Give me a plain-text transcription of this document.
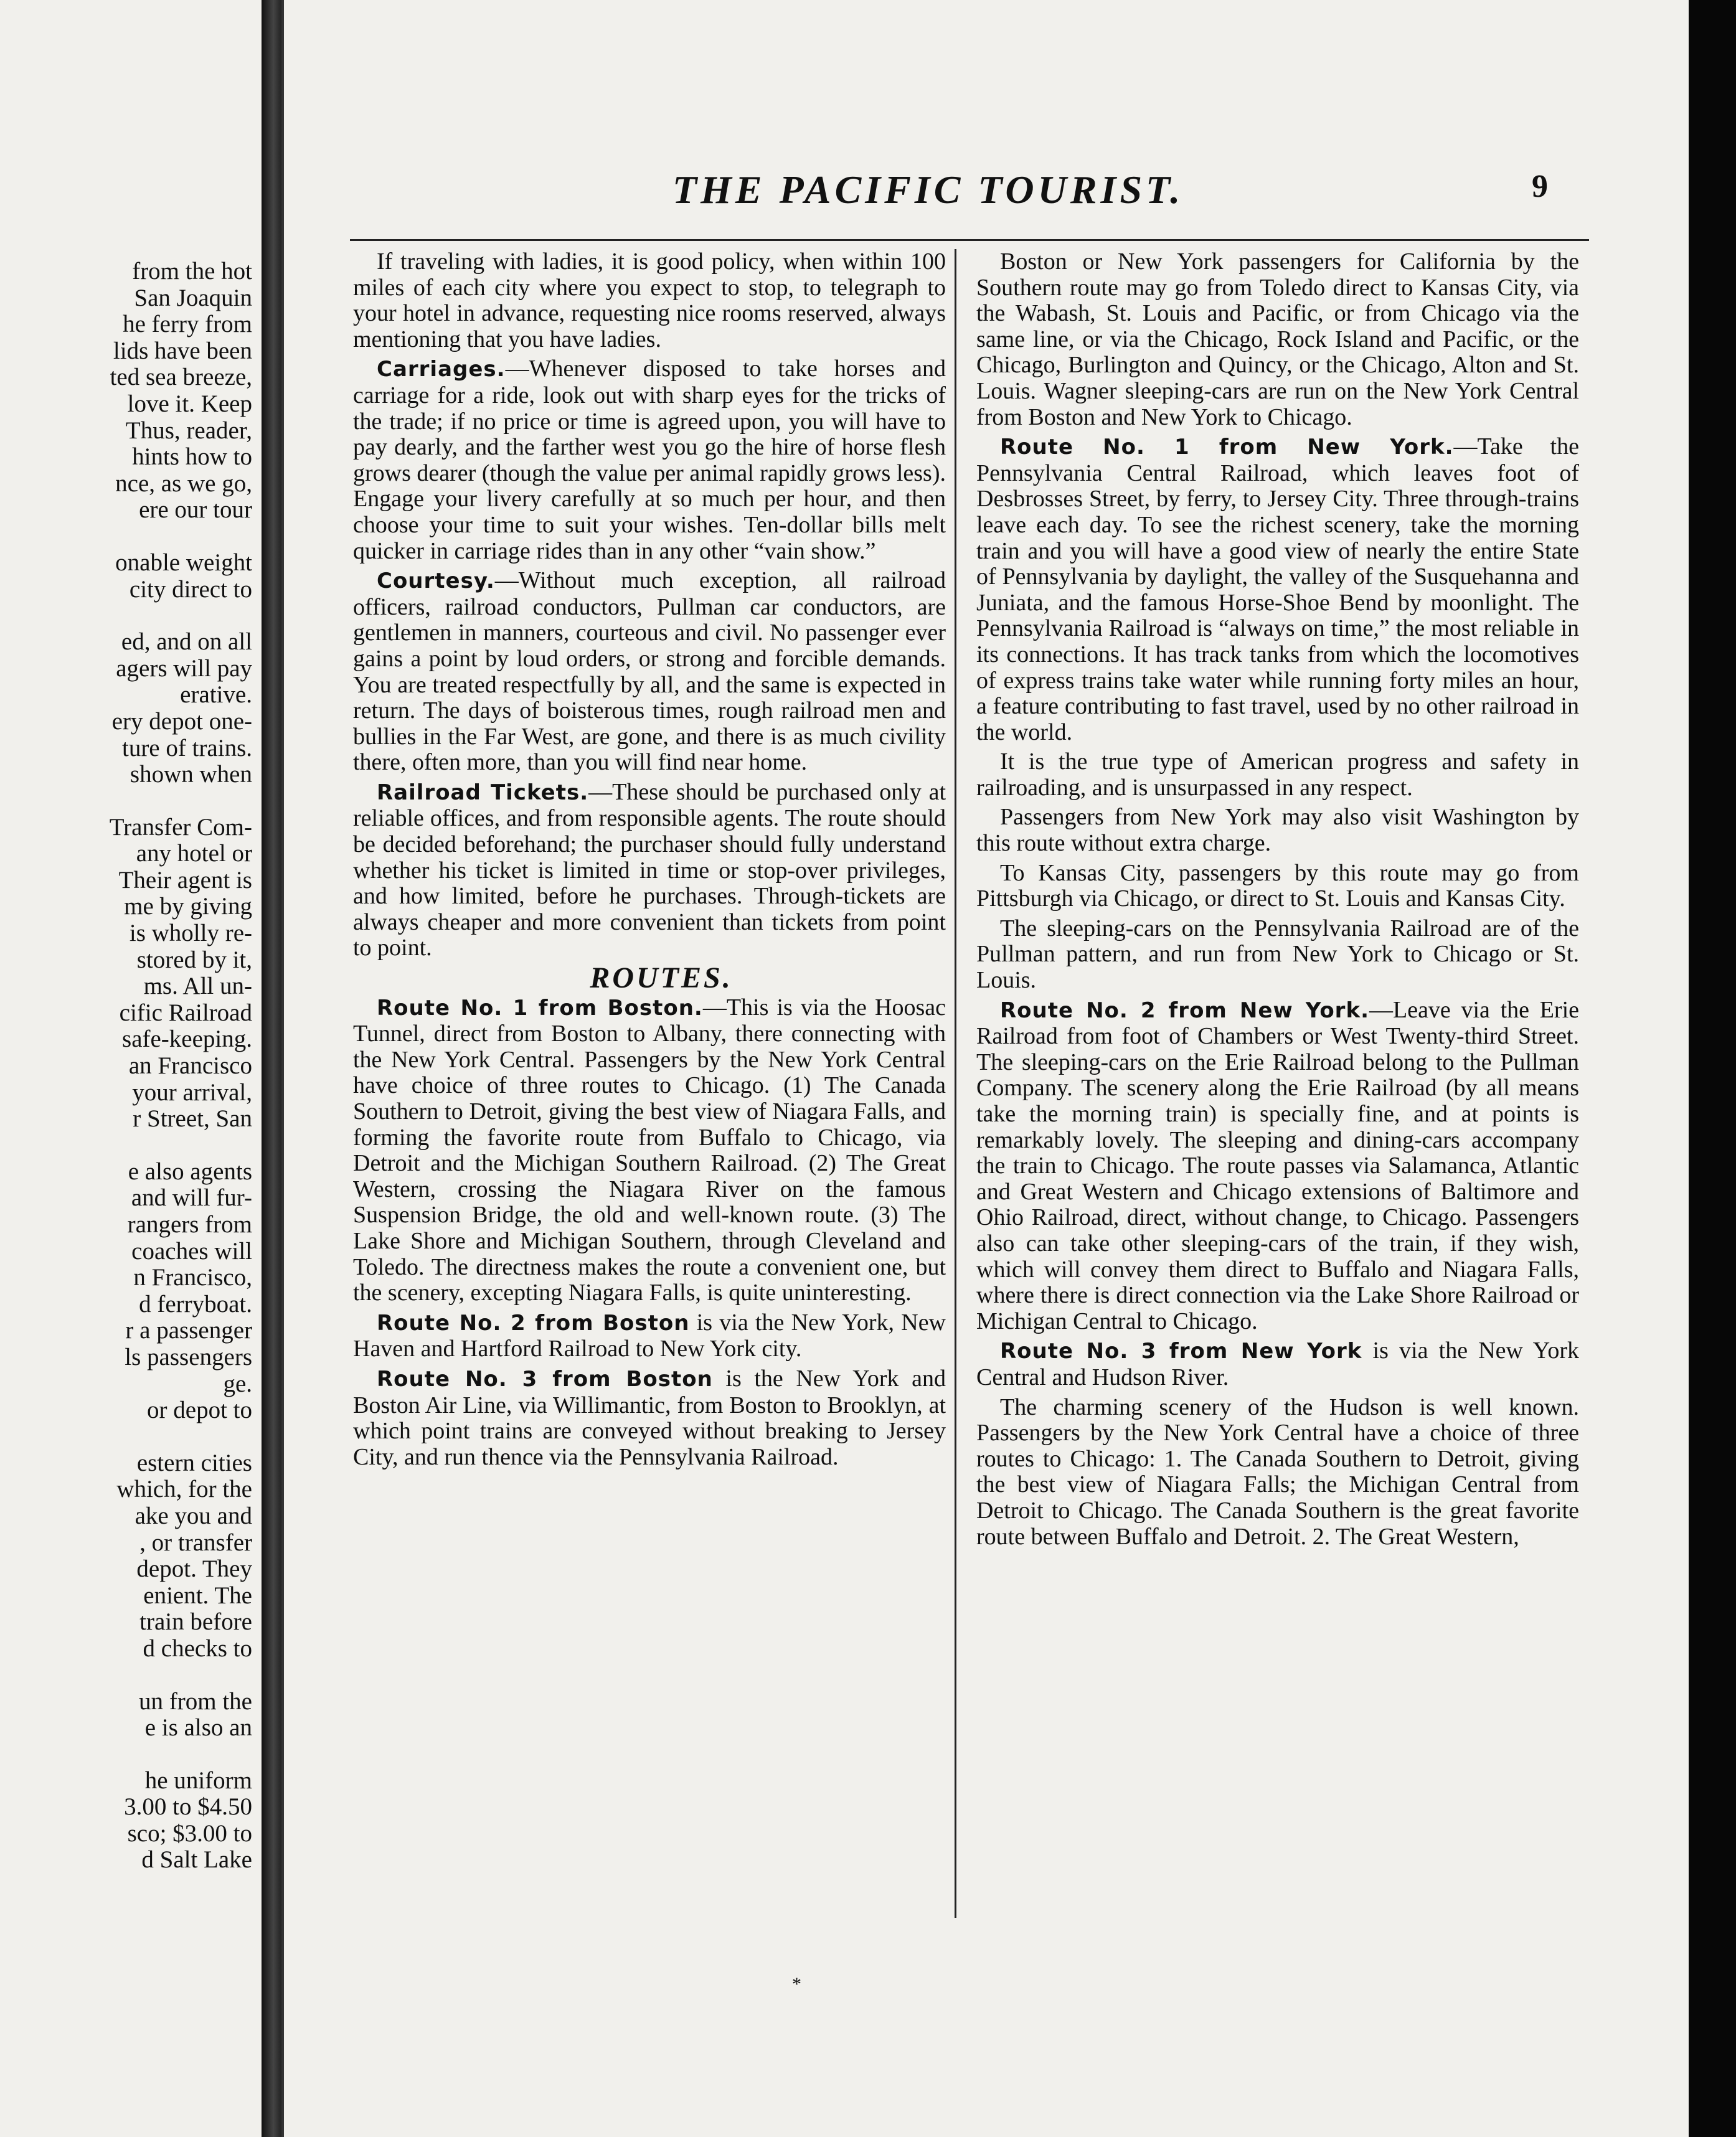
from the hot
San Joaquin
he ferry from
lids have been
ted sea breeze,
love it. Keep
Thus, reader,
hints how to
nce, as we go,
ere our tour
onable weight
city direct to
ed, and on all
agers will pay
erative.
ery depot one-
ture of trains.
shown when
Transfer Com-
any hotel or
Their agent is
me by giving
is wholly re-
stored by it,
ms. All un-
cific Railroad
safe-keeping.
an Francisco
your arrival,
r Street, San
e also agents
and will fur-
rangers from
coaches will
n Francisco,
d ferryboat.
r a passenger
ls passengers
ge.
or depot to
estern cities
which, for the
ake you and
, or transfer
depot. They
enient. The
train before
d checks to
un from the
e is also an
he uniform
3.00 to $4.50
sco; $3.00 to
d Salt Lake
THE PACIFIC TOURIST.	9

If traveling with ladies, it is good policy, when within 100 miles of each city where you expect to stop, to telegraph to your hotel in advance, requesting nice rooms reserved, always mentioning that you have ladies.

Carriages.—Whenever disposed to take horses and carriage for a ride, look out with sharp eyes for the tricks of the trade; if no price or time is agreed upon, you will have to pay dearly, and the farther west you go the hire of horse flesh grows dearer (though the value per animal rapidly grows less). Engage your livery carefully at so much per hour, and then choose your time to suit your wishes. Ten-dollar bills melt quicker in carriage rides than in any other “vain show.”

Courtesy.—Without much exception, all railroad officers, railroad conductors, Pullman car conductors, are gentlemen in manners, courteous and civil. No passenger ever gains a point by loud orders, or strong and forcible demands. You are treated respectfully by all, and the same is expected in return. The days of boisterous times, rough railroad men and bullies in the Far West, are gone, and there is as much civility there, often more, than you will find near home.

Railroad Tickets.—These should be purchased only at reliable offices, and from responsible agents. The route should be decided beforehand; the purchaser should fully understand whether his ticket is limited in time or stop-over privileges, and how limited, before he purchases. Through-tickets are always cheaper and more convenient than tickets from point to point.

ROUTES.

Route No. 1 from Boston.—This is via the Hoosac Tunnel, direct from Boston to Albany, there connecting with the New York Central. Passengers by the New York Central have choice of three routes to Chicago. (1) The Canada Southern to Detroit, giving the best view of Niagara Falls, and forming the favorite route from Buffalo to Chicago, via Detroit and the Michigan Southern Railroad. (2) The Great Western, crossing the Niagara River on the famous Suspension Bridge, the old and well-known route. (3) The Lake Shore and Michigan Southern, through Cleveland and Toledo. The directness makes the route a convenient one, but the scenery, excepting Niagara Falls, is quite uninteresting.

Route No. 2 from Boston is via the New York, New Haven and Hartford Railroad to New York city.

Route No. 3 from Boston is the New York and Boston Air Line, via Willimantic, from Boston to Brooklyn, at which point trains are conveyed without breaking to Jersey City, and run thence via the Pennsylvania Railroad.

Boston or New York passengers for California by the Southern route may go from Toledo direct to Kansas City, via the Wabash, St. Louis and Pacific, or from Chicago via the same line, or via the Chicago, Rock Island and Pacific, or the Chicago, Burlington and Quincy, or the Chicago, Alton and St. Louis. Wagner sleeping-cars are run on the New York Central from Boston and New York to Chicago.

Route No. 1 from New York.—Take the Pennsylvania Central Railroad, which leaves foot of Desbrosses Street, by ferry, to Jersey City. Three through-trains leave each day. To see the richest scenery, take the morning train and you will have a good view of nearly the entire State of Pennsylvania by daylight, the valley of the Susquehanna and Juniata, and the famous Horse-Shoe Bend by moonlight. The Pennsylvania Railroad is “always on time,” the most reliable in its connections. It has track tanks from which the locomotives of express trains take water while running forty miles an hour, a feature contributing to fast travel, used by no other railroad in the world.

It is the true type of American progress and safety in railroading, and is unsurpassed in any respect.

Passengers from New York may also visit Washington by this route without extra charge.

To Kansas City, passengers by this route may go from Pittsburgh via Chicago, or direct to St. Louis and Kansas City.

The sleeping-cars on the Pennsylvania Railroad are of the Pullman pattern, and run from New York to Chicago or St. Louis.

Route No. 2 from New York.—Leave via the Erie Railroad from foot of Chambers or West Twenty-third Street. The sleeping-cars on the Erie Railroad belong to the Pullman Company. The scenery along the Erie Railroad (by all means take the morning train) is specially fine, and at points is remarkably lovely. The sleeping and dining-cars accompany the train to Chicago. The route passes via Salamanca, Atlantic and Great Western and Chicago extensions of Baltimore and Ohio Railroad, direct, without change, to Chicago. Passengers also can take other sleeping-cars of the train, if they wish, which will convey them direct to Buffalo and Niagara Falls, where there is direct connection via the Lake Shore Railroad or Michigan Central to Chicago.

Route No. 3 from New York is via the New York Central and Hudson River.

The charming scenery of the Hudson is well known. Passengers by the New York Central have a choice of three routes to Chicago: 1. The Canada Southern to Detroit, giving the best view of Niagara Falls; the Michigan Central from Detroit to Chicago. The Canada Southern is the great favorite route between Buffalo and Detroit. 2. The Great Western,

*
